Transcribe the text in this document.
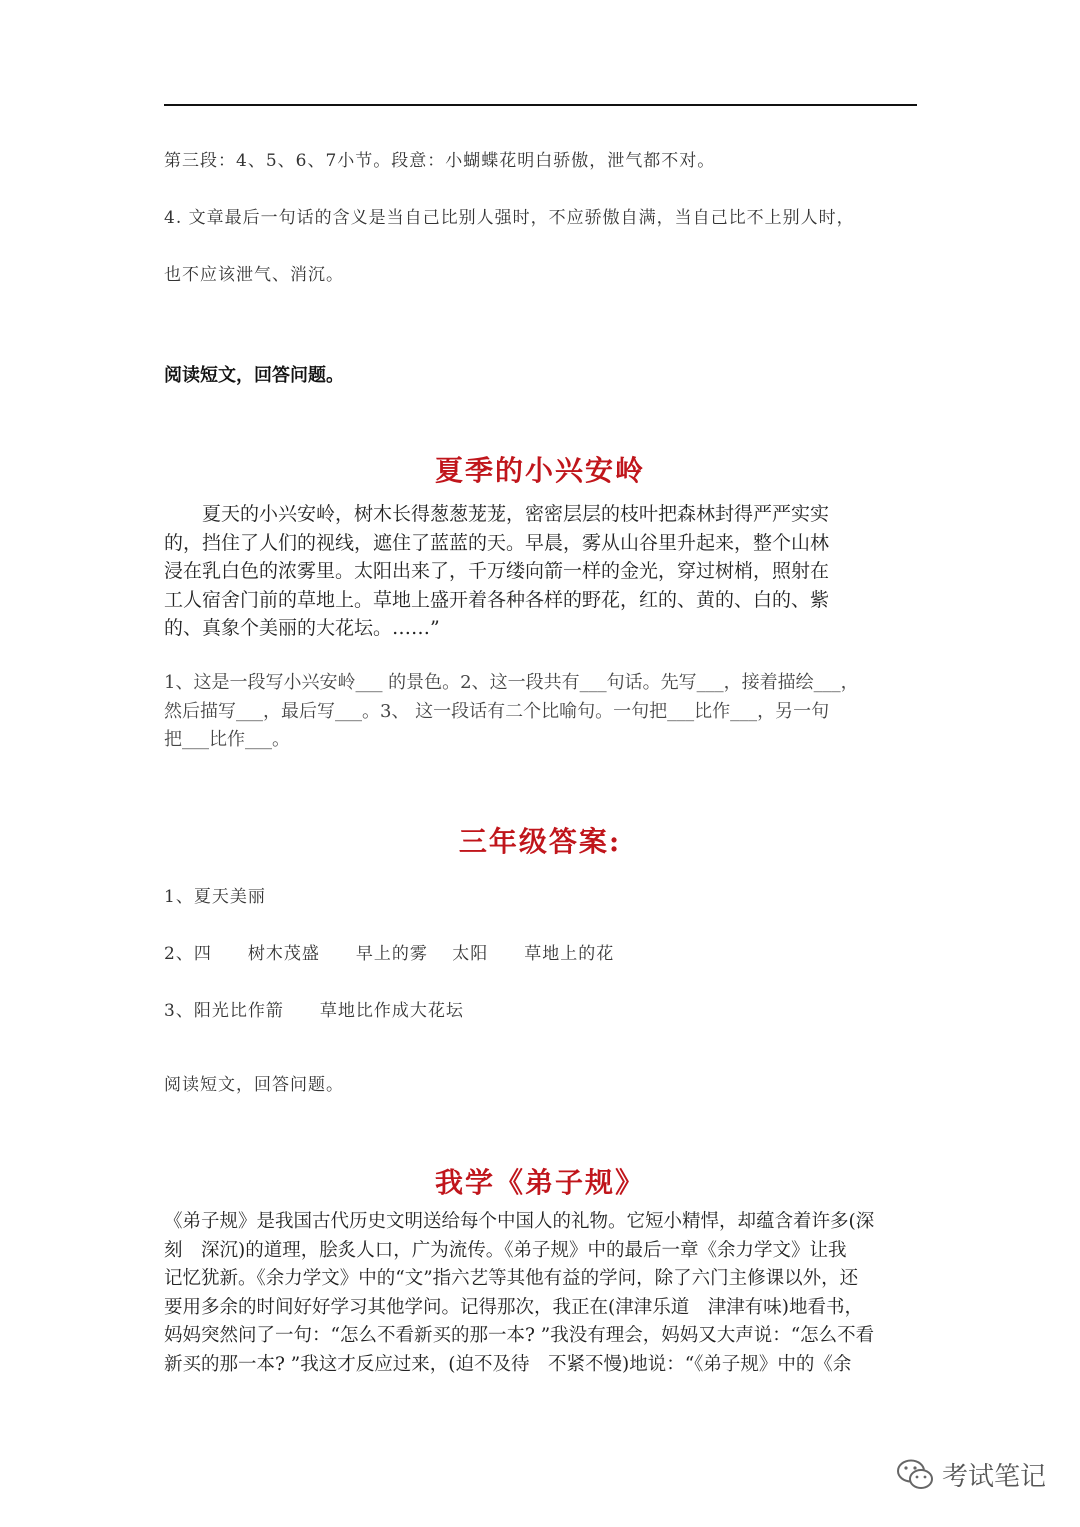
第三段：4、5、6、7小节。段意：小蝴蝶花明白骄傲，泄气都不对。
4. 文章最后一句话的含义是当自己比别人强时，不应骄傲自满，当自己比不上别人时，
也不应该泄气、消沉。
阅读短文，回答问题。
夏季的小兴安岭
　　夏天的小兴安岭，树木长得葱葱茏茏，密密层层的枝叶把森林封得严严实实
的，挡住了人们的视线，遮住了蓝蓝的天。早晨，雾从山谷里升起来，整个山林
浸在乳白色的浓雾里。太阳出来了，千万缕向箭一样的金光，穿过树梢，照射在
工人宿舍门前的草地上。草地上盛开着各种各样的野花，红的、黄的、白的、紫
的、真象个美丽的大花坛。……”
1、这是一段写小兴安岭___ 的景色。2、这一段共有___句话。先写___，接着描绘___，
然后描写___，最后写___。3、 这一段话有二个比喻句。一句把___比作___，另一句
把___比作___。
三年级答案:
1、夏天美丽
2、四　　树木茂盛　　早上的雾　 太阳　　草地上的花
3、阳光比作箭　　草地比作成大花坛
阅读短文，回答问题。
我学《弟子规》
《弟子规》是我国古代历史文明送给每个中国人的礼物。它短小精悍，却蕴含着许多(深
刻　深沉)的道理，脍炙人口，广为流传。《弟子规》中的最后一章《余力学文》让我
记忆犹新。《余力学文》中的“文”指六艺等其他有益的学问，除了六门主修课以外，还
要用多余的时间好好学习其他学问。记得那次，我正在(津津乐道　津津有味)地看书，
妈妈突然问了一句：“怎么不看新买的那一本? ”我没有理会，妈妈又大声说：“怎么不看
新买的那一本? ”我这才反应过来，(迫不及待　不紧不慢)地说：“《弟子规》中的《余
考试笔记
